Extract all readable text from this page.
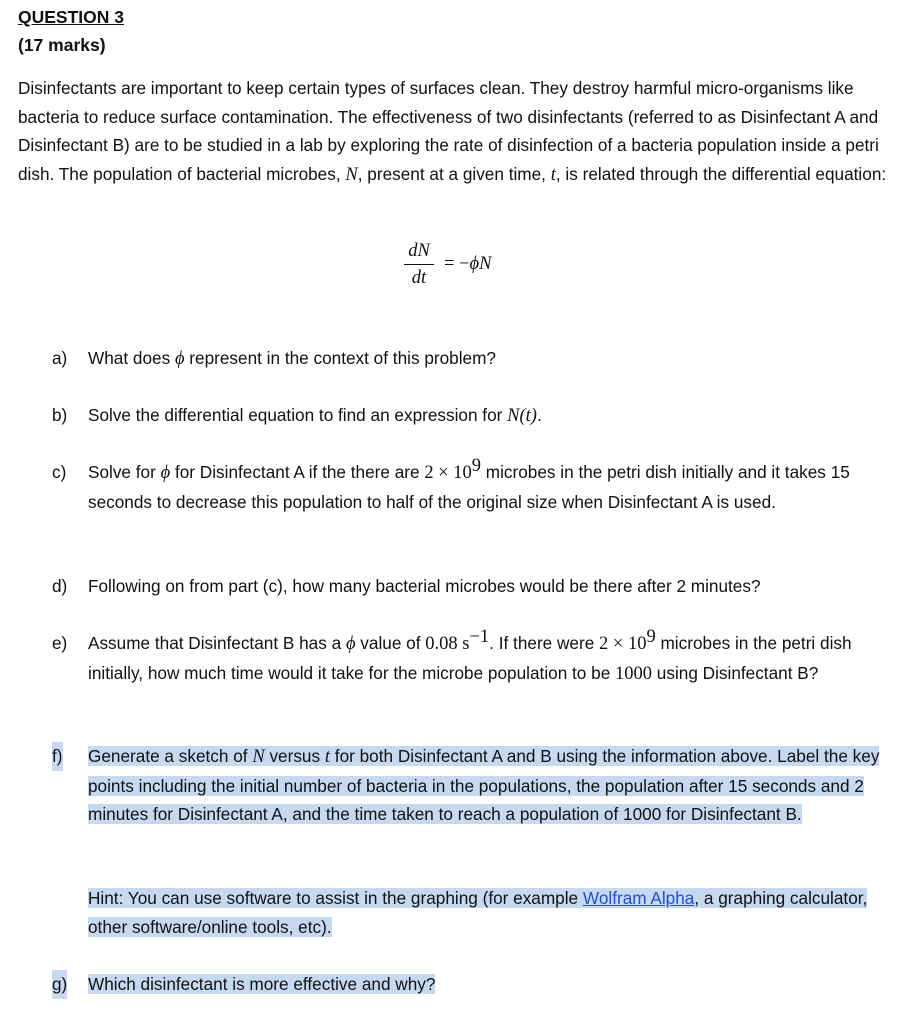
QUESTION 3
(17 marks)

Disinfectants are important to keep certain types of surfaces clean. They destroy harmful micro-organisms like bacteria to reduce surface contamination. The effectiveness of two disinfectants (referred to as Disinfectant A and Disinfectant B) are to be studied in a lab by exploring the rate of disinfection of a bacteria population inside a petri dish. The population of bacterial microbes, N, present at a given time, t, is related through the differential equation:

$\frac{dN}{dt} = -\phi N$
a) What does ϕ represent in the context of this problem?
b) Solve the differential equation to find an expression for N(t).
c) Solve for ϕ for Disinfectant A if the there are $2 \times 10^9$ microbes in the petri dish initially and it takes 15 seconds to decrease this population to half of the original size when Disinfectant A is used.
d) Following on from part (c), how many bacterial microbes would be there after 2 minutes?
e) Assume that Disinfectant B has a ϕ value of 0.08 $s^{-1}$. If there were $2 \times 10^9$ microbes in the petri dish initially, how much time would it take for the microbe population to be 1000 using Disinfectant B?
f) Generate a sketch of N versus t for both Disinfectant A and B using the information above. Label the key points including the initial number of bacteria in the populations, the population after 15 seconds and 2 minutes for Disinfectant A, and the time taken to reach a population of 1000 for Disinfectant B.
Hint: You can use software to assist in the graphing (for example Wolfram Alpha, a graphing calculator, other software/online tools, etc).
g) Which disinfectant is more effective and why?
